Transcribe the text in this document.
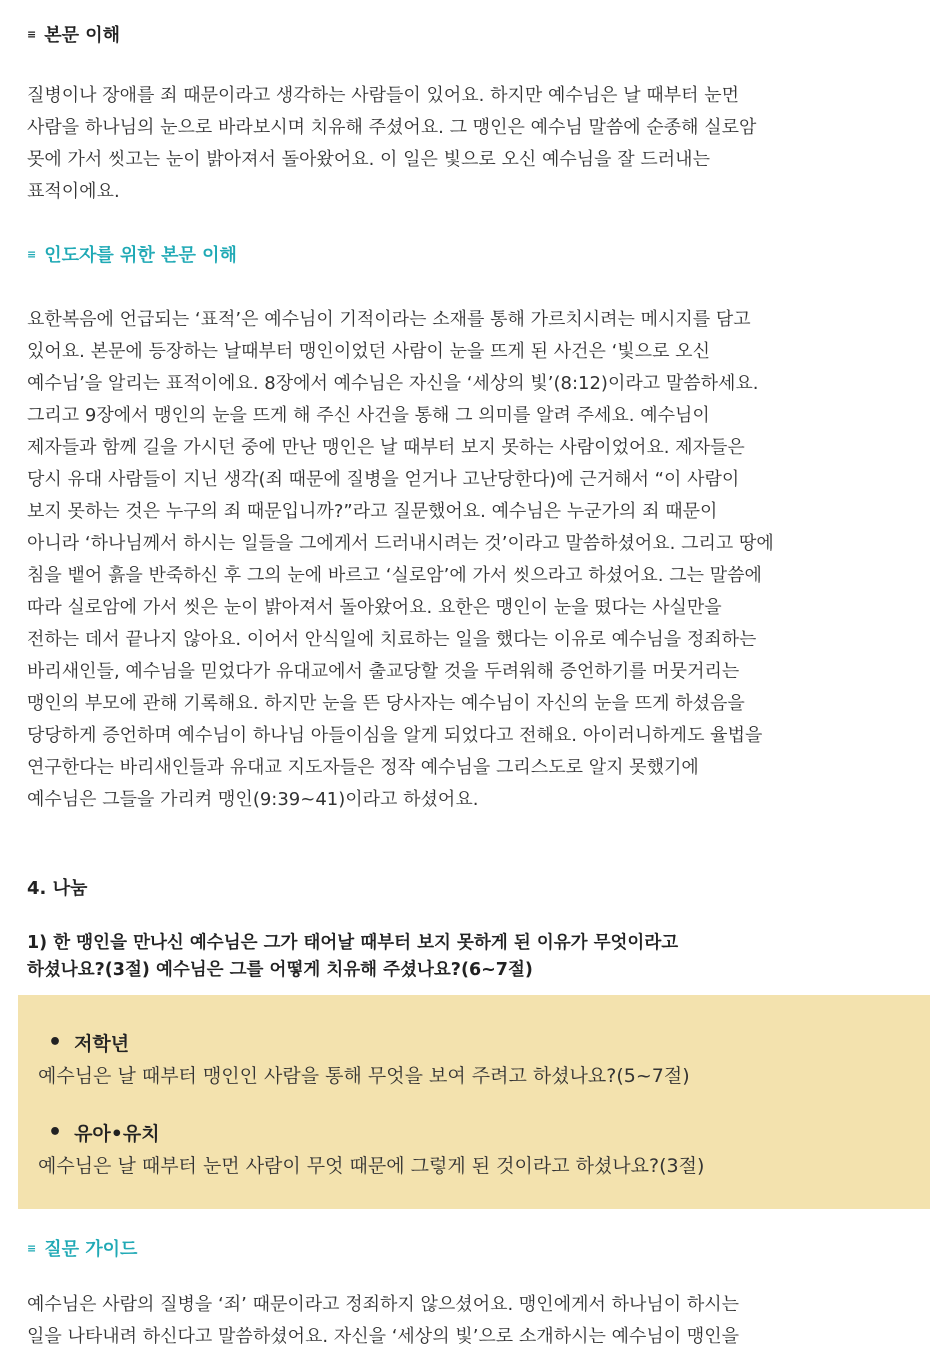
≡ 본문 이해
질병이나 장애를 죄 때문이라고 생각하는 사람들이 있어요. 하지만 예수님은 날 때부터 눈먼
사람을 하나님의 눈으로 바라보시며 치유해 주셨어요. 그 맹인은 예수님 말씀에 순종해 실로암
못에 가서 씻고는 눈이 밝아져서 돌아왔어요. 이 일은 빛으로 오신 예수님을 잘 드러내는
표적이에요.
≡ 인도자를 위한 본문 이해
요한복음에 언급되는 ‘표적’은 예수님이 기적이라는 소재를 통해 가르치시려는 메시지를 담고
있어요. 본문에 등장하는 날때부터 맹인이었던 사람이 눈을 뜨게 된 사건은 ‘빛으로 오신
예수님’을 알리는 표적이에요. 8장에서 예수님은 자신을 ‘세상의 빛’(8:12)이라고 말씀하세요.
그리고 9장에서 맹인의 눈을 뜨게 해 주신 사건을 통해 그 의미를 알려 주세요. 예수님이
제자들과 함께 길을 가시던 중에 만난 맹인은 날 때부터 보지 못하는 사람이었어요. 제자들은
당시 유대 사람들이 지닌 생각(죄 때문에 질병을 얻거나 고난당한다)에 근거해서 “이 사람이
보지 못하는 것은 누구의 죄 때문입니까?”라고 질문했어요. 예수님은 누군가의 죄 때문이
아니라 ‘하나님께서 하시는 일들을 그에게서 드러내시려는 것’이라고 말씀하셨어요. 그리고 땅에
침을 뱉어 흙을 반죽하신 후 그의 눈에 바르고 ‘실로암’에 가서 씻으라고 하셨어요. 그는 말씀에
따라 실로암에 가서 씻은 눈이 밝아져서 돌아왔어요. 요한은 맹인이 눈을 떴다는 사실만을
전하는 데서 끝나지 않아요. 이어서 안식일에 치료하는 일을 했다는 이유로 예수님을 정죄하는
바리새인들, 예수님을 믿었다가 유대교에서 출교당할 것을 두려워해 증언하기를 머뭇거리는
맹인의 부모에 관해 기록해요. 하지만 눈을 뜬 당사자는 예수님이 자신의 눈을 뜨게 하셨음을
당당하게 증언하며 예수님이 하나님 아들이심을 알게 되었다고 전해요. 아이러니하게도 율법을
연구한다는 바리새인들과 유대교 지도자들은 정작 예수님을 그리스도로 알지 못했기에
예수님은 그들을 가리켜 맹인(9:39~41)이라고 하셨어요.
4. 나눔
1) 한 맹인을 만나신 예수님은 그가 태어날 때부터 보지 못하게 된 이유가 무엇이라고
하셨나요?(3절) 예수님은 그를 어떻게 치유해 주셨나요?(6~7절)
• 저학년
예수님은 날 때부터 맹인인 사람을 통해 무엇을 보여 주려고 하셨나요?(5~7절)
• 유아•유치
예수님은 날 때부터 눈먼 사람이 무엇 때문에 그렇게 된 것이라고 하셨나요?(3절)
≡ 질문 가이드
예수님은 사람의 질병을 ‘죄’ 때문이라고 정죄하지 않으셨어요. 맹인에게서 하나님이 하시는
일을 나타내려 하신다고 말씀하셨어요. 자신을 ‘세상의 빛’으로 소개하시는 예수님이 맹인을
